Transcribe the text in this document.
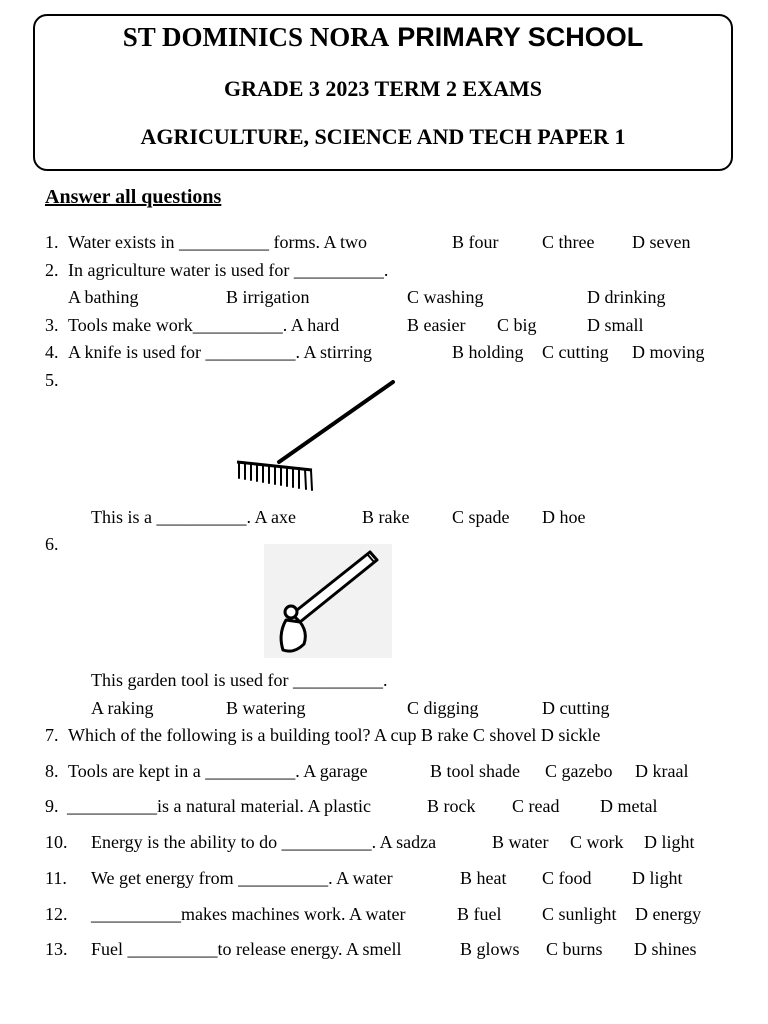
ST DOMINICS NORA PRIMARY SCHOOL
GRADE 3 2023 TERM 2 EXAMS
AGRICULTURE, SCIENCE AND TECH PAPER 1
Answer all questions
1. Water exists in __________ forms. A two	B four C three D seven
2. In agriculture water is used for __________.
A bathing	B irrigation	C washing	D drinking
3. Tools make work__________. A hard	B easier C big	D small
4. A knife is used for __________. A stirring	B holding C cutting D moving
5.
This is a __________. A axe	B rake C spade D hoe
6.
This garden tool is used for __________.
A raking	B watering	C digging	D cutting
7. Which of the following is a building tool? A cup B rake C shovel D sickle
8. Tools are kept in a __________. A garage	B tool shade C gazebo D kraal
9. __________is a natural material. A plastic	B rock C read D metal
10. Energy is the ability to do __________. A sadza	B water C work D light
11. We get energy from __________. A water	B heat C food D light
12. __________makes machines work. A water	B fuel C sunlight D energy
13. Fuel __________to release energy. A smell	B glows C burns D shines
